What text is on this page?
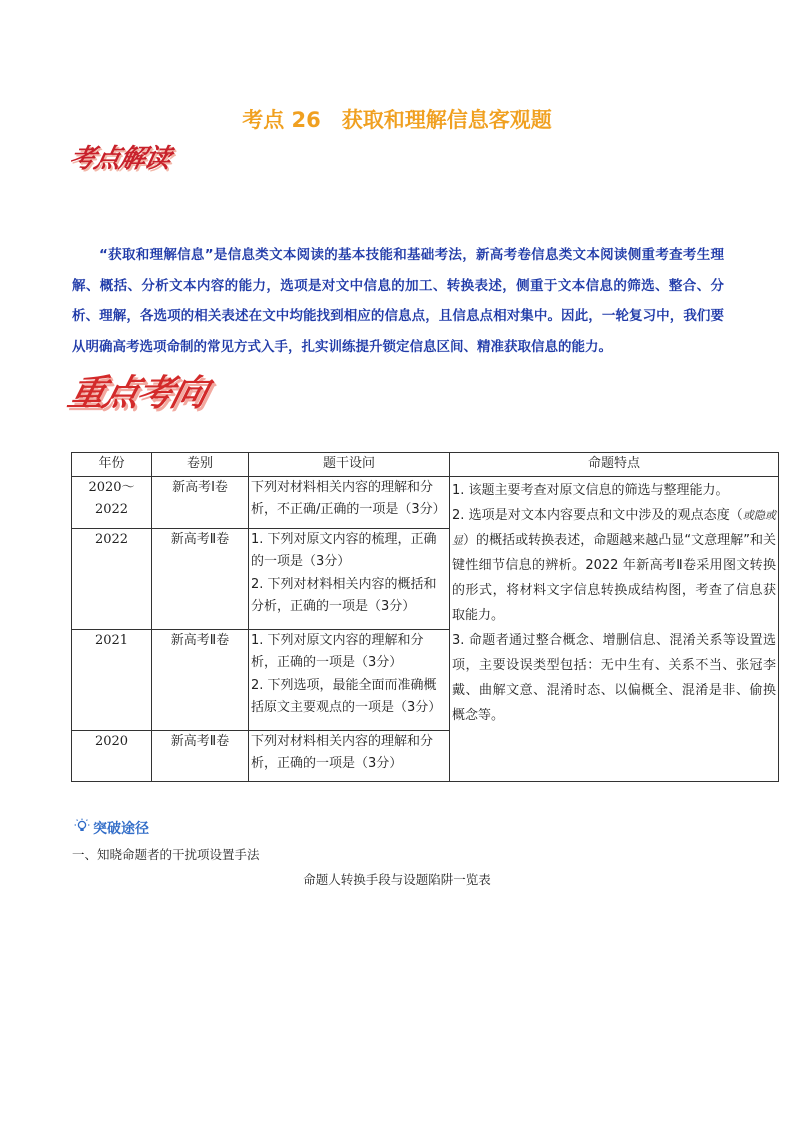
考点 26　获取和理解信息客观题
考点解读
“获取和理解信息”是信息类文本阅读的基本技能和基础考法，新高考卷信息类文本阅读侧重考查考生理解、概括、分析文本内容的能力，选项是对文中信息的加工、转换表述，侧重于文本信息的筛选、整合、分析、理解，各选项的相关表述在文中均能找到相应的信息点，且信息点相对集中。因此，一轮复习中，我们要从明确高考选项命制的常见方式入手，扎实训练提升锁定信息区间、精准获取信息的能力。
重点考向
年份	卷别	题干设问	命题特点
2020～2022	新高考Ⅰ卷	下列对材料相关内容的理解和分析，不正确/正确的一项是（3分）	1. 该题主要考查对原文信息的筛选与整理能力。
2. 选项是对文本内容要点和文中涉及的观点态度（或隐或显）的概括或转换表述，命题越来越凸显“文意理解”和关键性细节信息的辨析。2022 年新高考Ⅱ卷采用图文转换的形式，将材料文字信息转换成结构图，考查了信息获取能力。
3. 命题者通过整合概念、增删信息、混淆关系等设置选项，主要设误类型包括：无中生有、关系不当、张冠李戴、曲解文意、混淆时态、以偏概全、混淆是非、偷换概念等。

2022	新高考Ⅱ卷	1. 下列对原文内容的梳理，正确的一项是（3分）
2. 下列对材料相关内容的概括和分析，正确的一项是（3分）	

2021	新高考Ⅱ卷	1. 下列对原文内容的理解和分析，正确的一项是（3分）
2. 下列选项，最能全面而准确概括原文主要观点的一项是（3分）	

2020	新高考Ⅱ卷	下列对材料相关内容的理解和分析，正确的一项是（3分）	
突破途径
一、知晓命题者的干扰项设置手法
命题人转换手段与设题陷阱一览表
